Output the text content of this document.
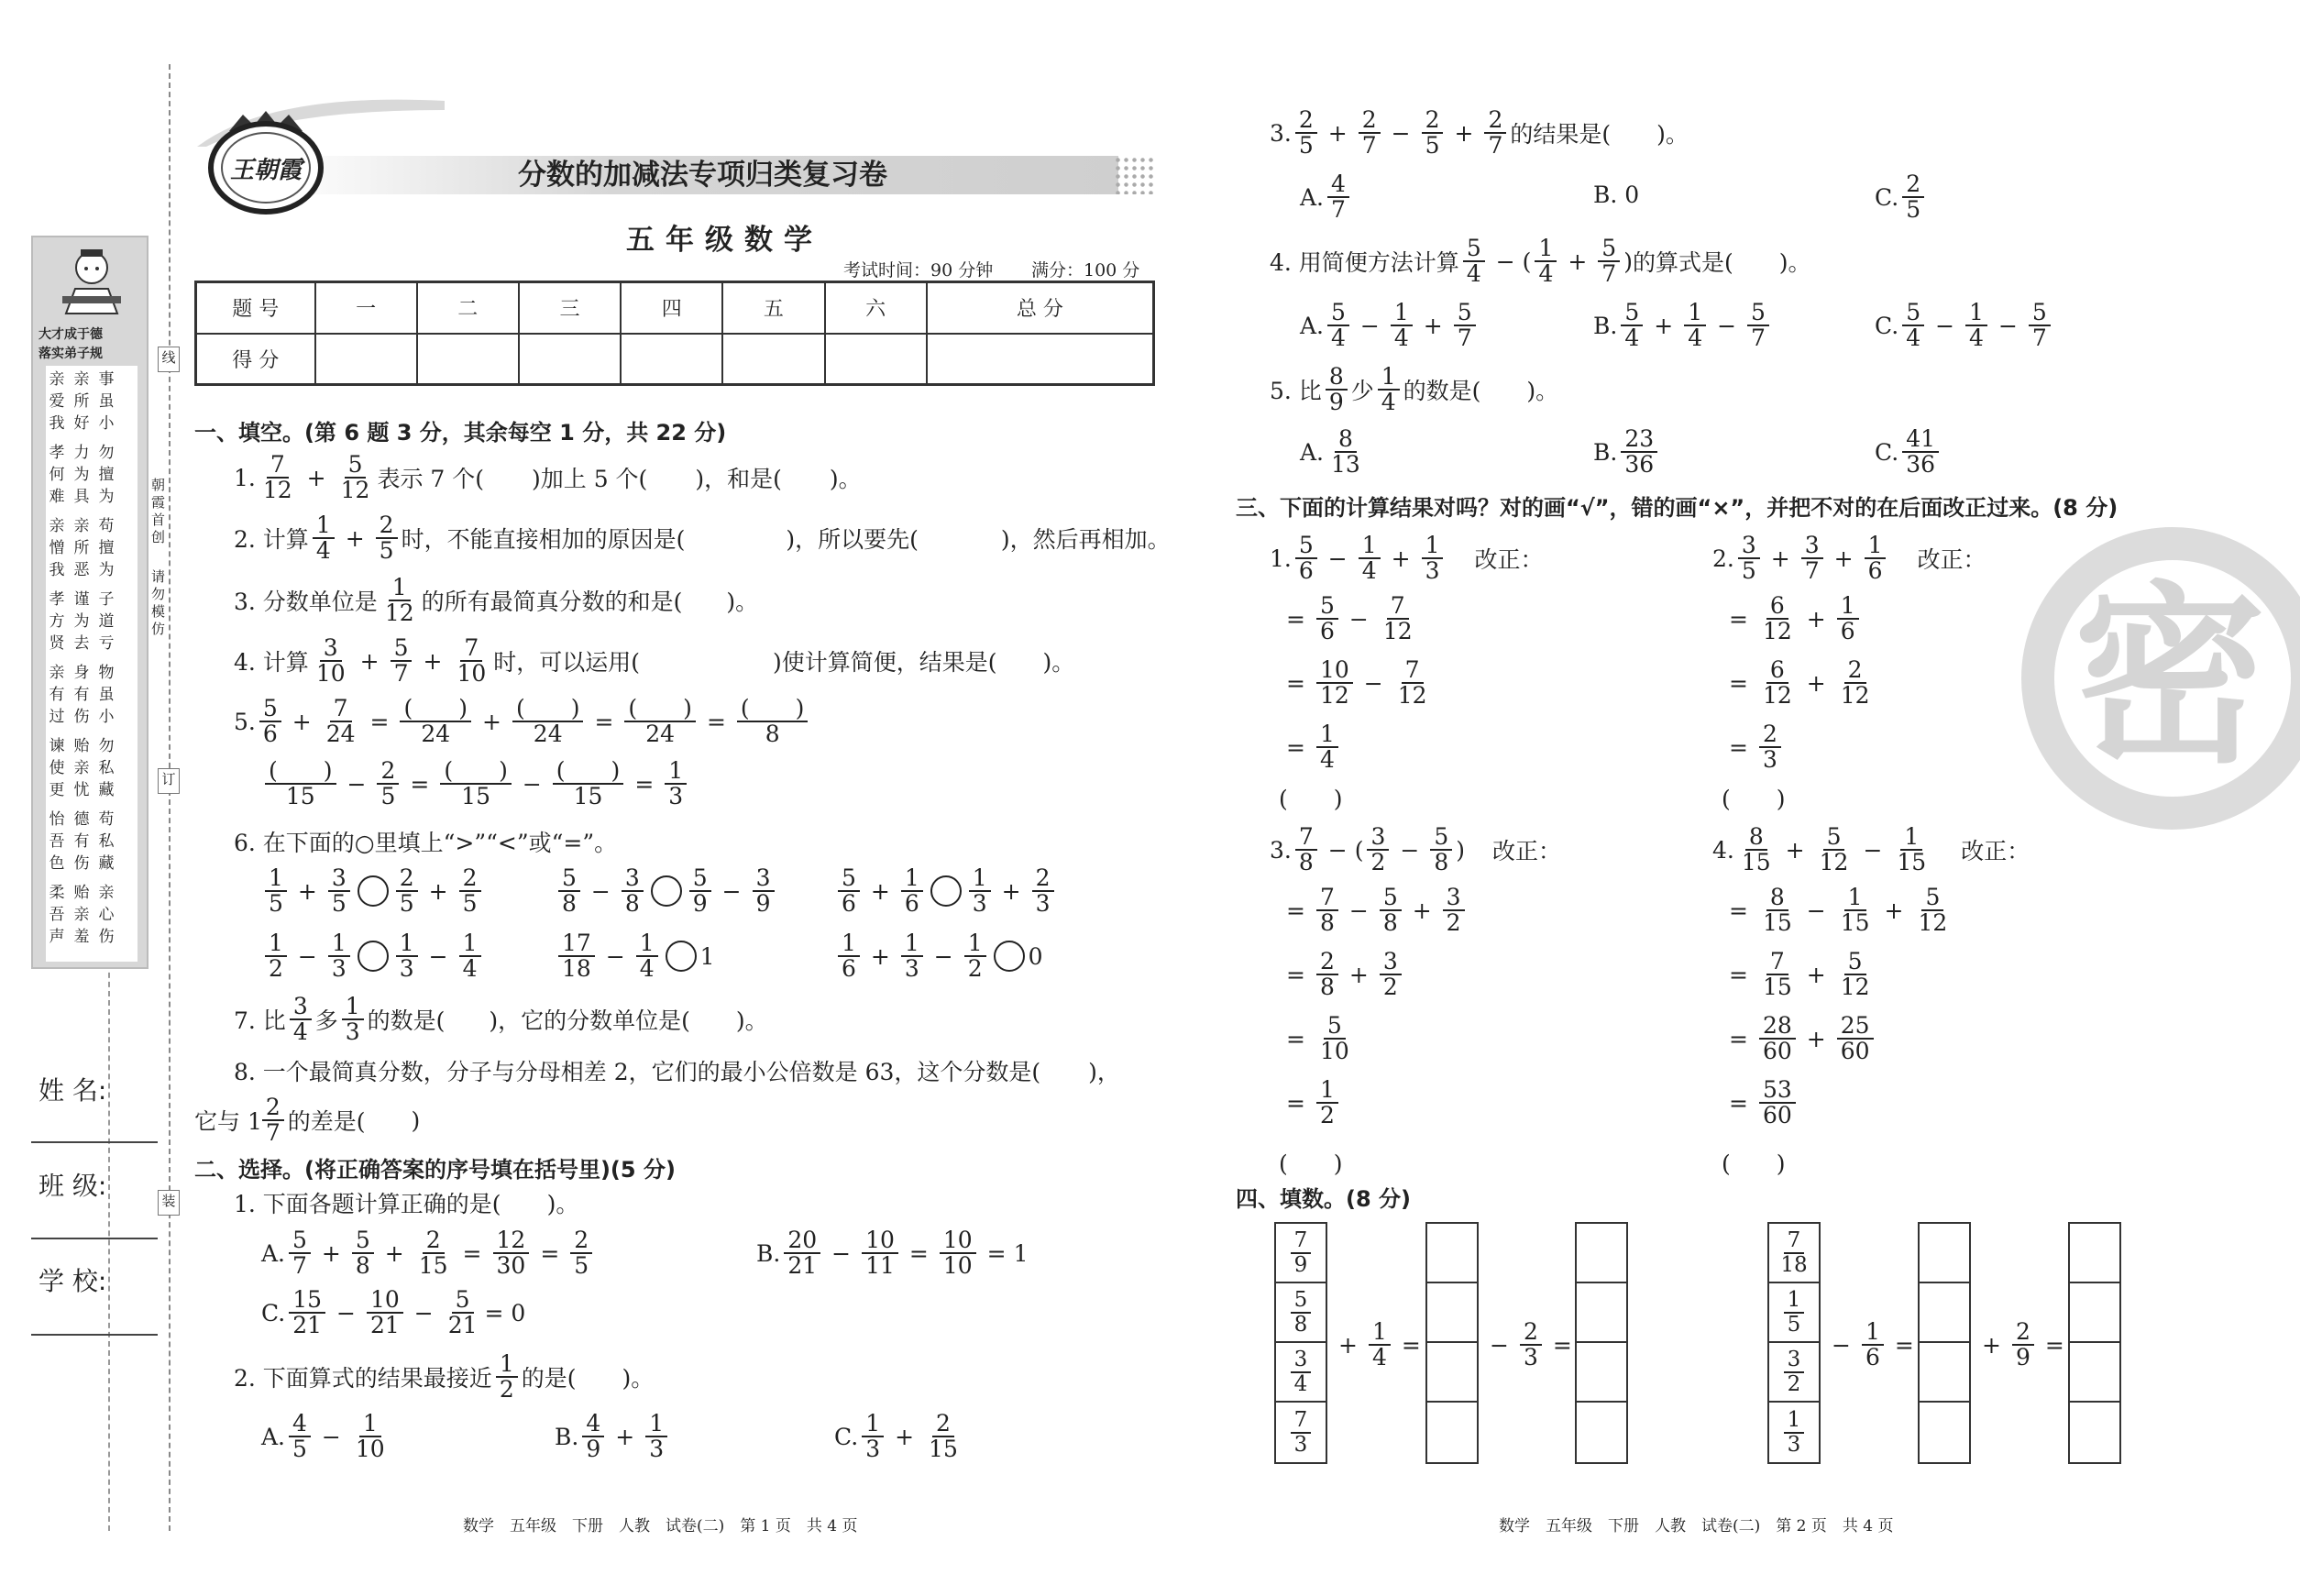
线
订
装
朝霞首创
请勿模仿
大才成于德
落实弟子规
亲爱我
亲所好
事虽小
孝何难
力为具
勿擅为
亲憎我
亲所恶
苟擅为
孝方贤
谨为去
子道亏
亲有过
身有伤
物虽小
谏使更
贻亲忧
勿私藏
怡吾色
德有伤
苟私藏
柔吾声
贻亲羞
亲心伤
姓 名:
班 级:
学 校:
王朝霞	分数的加减法专项归类复习卷
五年级数学
考试时间：90 分钟 满分：100 分
题 号	一	二	三	四	五	六	总 分
得 分							
一、填空。(第 6 题 3 分，其余每空 1 分，共 22 分)
1. $\frac{7}{12} + \frac{5}{12}$ 表示 7 个( )加上 5 个( )，和是( )。
2. 计算 $\frac{1}{4} + \frac{2}{5}$ 时，不能直接相加的原因是(	)，所以要先(	)，然后再相加。
3. 分数单位是 $\frac{1}{12}$ 的所有最简真分数的和是( )。
4. 计算 $\frac{3}{10} + \frac{5}{7} + \frac{7}{10}$ 时，可以运用(	)使计算简便，结果是( )。
5. $\frac{5}{6} + \frac{7}{24} = \frac{( )}{24} + \frac{( )}{24} = \frac{( )}{24} = \frac{( )}{8}$
$\frac{( )}{15} - \frac{2}{5} = \frac{( )}{15} - \frac{( )}{15} = \frac{1}{3}$
6. 在下面的○里填上“>”“<”或“=”。
$\frac{1}{5} + \frac{3}{5} \frac{2}{5} + \frac{2}{5}$	$\frac{5}{8} - \frac{3}{8} \frac{5}{9} - \frac{3}{9}$	$\frac{5}{6} + \frac{1}{6} \frac{1}{3} + \frac{2}{3}$
$\frac{1}{2} - \frac{1}{3} \frac{1}{3} - \frac{1}{4}$	$\frac{17}{18} - \frac{1}{4} 1$	$\frac{1}{6} + \frac{1}{3} - \frac{1}{2} 0$
7. 比 $\frac{3}{4}$ 多 $\frac{1}{3}$ 的数是( )，它的分数单位是( )。
8. 一个最简真分数，分子与分母相差 2，它们的最小公倍数是 63，这个分数是( )，
它与 $1 \frac{2}{7}$ 的差是( )
二、选择。(将正确答案的序号填在括号里)(5 分)
1. 下面各题计算正确的是( )。
A. $\frac{5}{7} + \frac{5}{8} + \frac{2}{15} = \frac{12}{30} = \frac{2}{5}$	B. $\frac{20}{21} - \frac{10}{11} = \frac{10}{10} = 1$
C. $\frac{15}{21} - \frac{10}{21} - \frac{5}{21} = 0$
2. 下面算式的结果最接近 $\frac{1}{2}$ 的是( )。
A. $\frac{4}{5} - \frac{1}{10}$	B. $\frac{4}{9} + \frac{1}{3}$	C. $\frac{1}{3} + \frac{2}{15}$
数学　五年级　下册　人教　试卷(二)　第 1 页　共 4 页
3. $\frac{2}{5} + \frac{2}{7} - \frac{2}{5} + \frac{2}{7}$ 的结果是( )。
A. $\frac{4}{7}$	B. 0	C. $\frac{2}{5}$
4. 用简便方法计算 $\frac{5}{4}$ − ( $\frac{1}{4} + \frac{5}{7}$ ) 的算式是( )。
A. $\frac{5}{4} - \frac{1}{4} + \frac{5}{7}$	B. $\frac{5}{4} + \frac{1}{4} - \frac{5}{7}$	C. $\frac{5}{4} - \frac{1}{4} - \frac{5}{7}$
5. 比 $\frac{8}{9}$ 少 $\frac{1}{4}$ 的数是( )。
A. $\frac{8}{13}$	B. $\frac{23}{36}$	C. $\frac{41}{36}$
三、下面的计算结果对吗？对的画“√”，错的画“×”，并把不对的在后面改正过来。(8 分)
1. $\frac{5}{6} - \frac{1}{4} + \frac{1}{3}$ 改正：
= $\frac{5}{6} - \frac{7}{12}$
= $\frac{10}{12} - \frac{7}{12}$
= $\frac{1}{4}$
(　　)
2. $\frac{3}{5} + \frac{3}{7} + \frac{1}{6}$ 改正：
= $\frac{6}{12} + \frac{1}{6}$
= $\frac{6}{12} + \frac{2}{12}$
= $\frac{2}{3}$
(　　)
3. $\frac{7}{8}$ − ( $\frac{3}{2} - \frac{5}{8}$ ) 改正：
= $\frac{7}{8} - \frac{5}{8} + \frac{3}{2}$
= $\frac{2}{8} + \frac{3}{2}$
= $\frac{5}{10}$
= $\frac{1}{2}$
(　　)
4. $\frac{8}{15} + \frac{5}{12} - \frac{1}{15}$ 改正：
= $\frac{8}{15} - \frac{1}{15} + \frac{5}{12}$
= $\frac{7}{15} + \frac{5}{12}$
= $\frac{28}{60} + \frac{25}{60}$
= $\frac{53}{60}$
(　　)
密
四、填数。(8 分)
$\frac{7}{9}$
$\frac{5}{8}$
$\frac{3}{4}$
$\frac{7}{3}$
+ $\frac{1}{4}$ =	− $\frac{2}{3}$ =
$\frac{7}{18}$
$\frac{1}{5}$
$\frac{3}{2}$
$\frac{1}{3}$
− $\frac{1}{6}$ =	+ $\frac{2}{9}$ =
数学　五年级　下册　人教　试卷(二)　第 2 页　共 4 页
